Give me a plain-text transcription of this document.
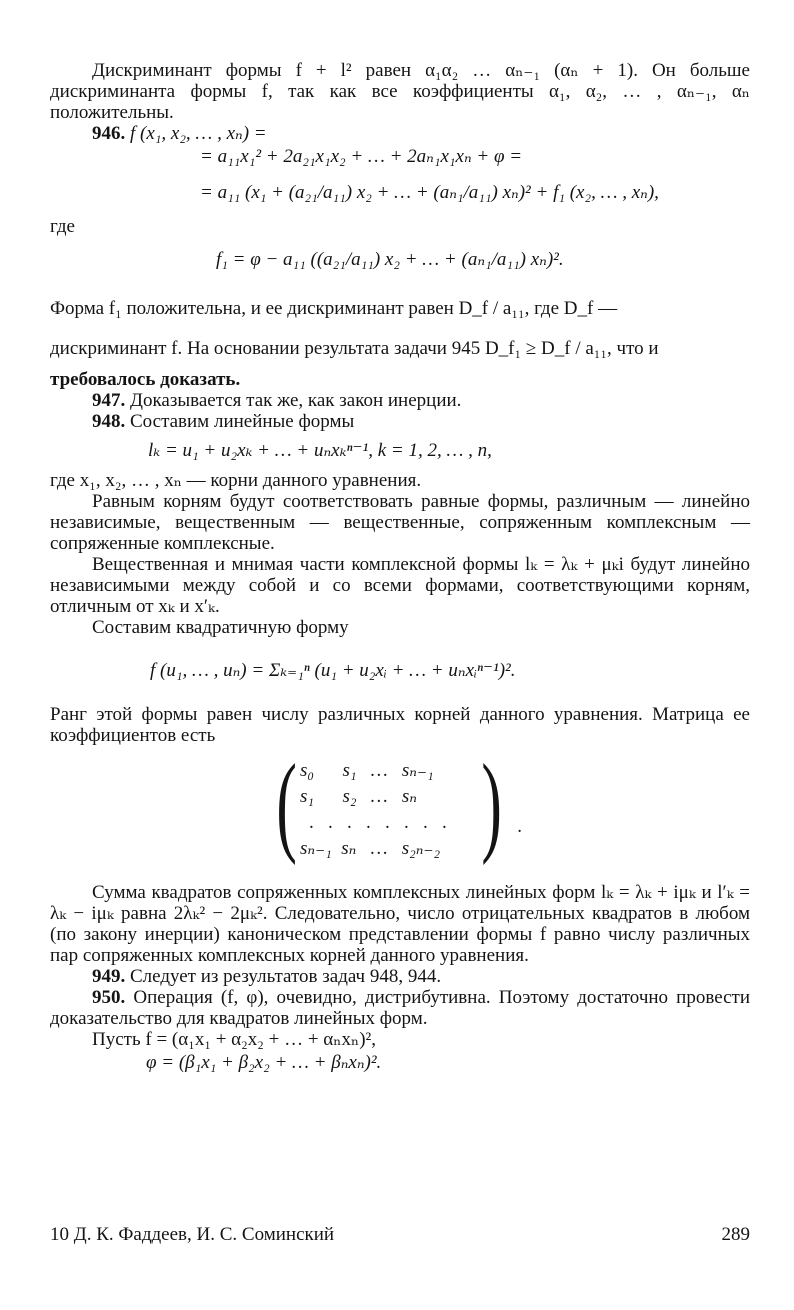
Дискриминант формы f + l² равен α₁α₂ … αₙ₋₁ (αₙ + 1). Он больше дискриминанта формы f, так как все коэффициенты α₁, α₂, … , αₙ₋₁, αₙ положительны.

946. f (x₁, x₂, … , xₙ) =

= a₁₁x₁² + 2a₂₁x₁x₂ + … + 2aₙ₁x₁xₙ + φ =
= a₁₁ (x₁ + (a₂₁/a₁₁) x₂ + … + (aₙ₁/a₁₁) xₙ)² + f₁ (x₂, … , xₙ),

где

f₁ = φ − a₁₁ ((a₂₁/a₁₁) x₂ + … + (aₙ₁/a₁₁) xₙ)².

Форма f₁ положительна, и ее дискриминант равен D_f / a₁₁, где D_f —

дискриминант f. На основании результата задачи 945 D_f₁ ≥ D_f / a₁₁, что и

требовалось доказать.

947. Доказывается так же, как закон инерции.

948. Составим линейные формы

lₖ = u₁ + u₂xₖ + … + uₙxₖⁿ⁻¹, k = 1, 2, … , n,

где x₁, x₂, … , xₙ — корни данного уравнения.

Равным корням будут соответствовать равные формы, различным — линейно независимые, вещественным — вещественные, сопряженным комплексным — сопряженные комплексные.

Вещественная и мнимая части комплексной формы lₖ = λₖ + μₖi будут линейно независимыми между собой и со всеми формами, соответствующими корням, отличным от xₖ и x′ₖ.

Составим квадратичную форму

f (u₁, … , uₙ) = Σₖ₌₁ⁿ (u₁ + u₂xᵢ + … + uₙxᵢⁿ⁻¹)².

Ранг этой формы равен числу различных корней данного уравнения. Матрица ее коэффициентов есть

( s₀      s₁   …   sₙ₋₁
s₁      s₂   …   sₙ
.   .   .   .   .   .   .   .
sₙ₋₁  sₙ   …   s₂ₙ₋₂ ) .

Сумма квадратов сопряженных комплексных линейных форм lₖ = λₖ + iμₖ и l′ₖ = λₖ − iμₖ равна 2λₖ² − 2μₖ². Следовательно, число отрицательных квадратов в любом (по закону инерции) каноническом представлении формы f равно числу различных пар сопряженных комплексных корней данного уравнения.

949. Следует из результатов задач 948, 944.

950. Операция (f, φ), очевидно, дистрибутивна. Поэтому достаточно провести доказательство для квадратов линейных форм.

Пусть f = (α₁x₁ + α₂x₂ + … + αₙxₙ)²,

φ = (β₁x₁ + β₂x₂ + … + βₙxₙ)².
10 Д. К. Фаддеев, И. С. Соминский	289
